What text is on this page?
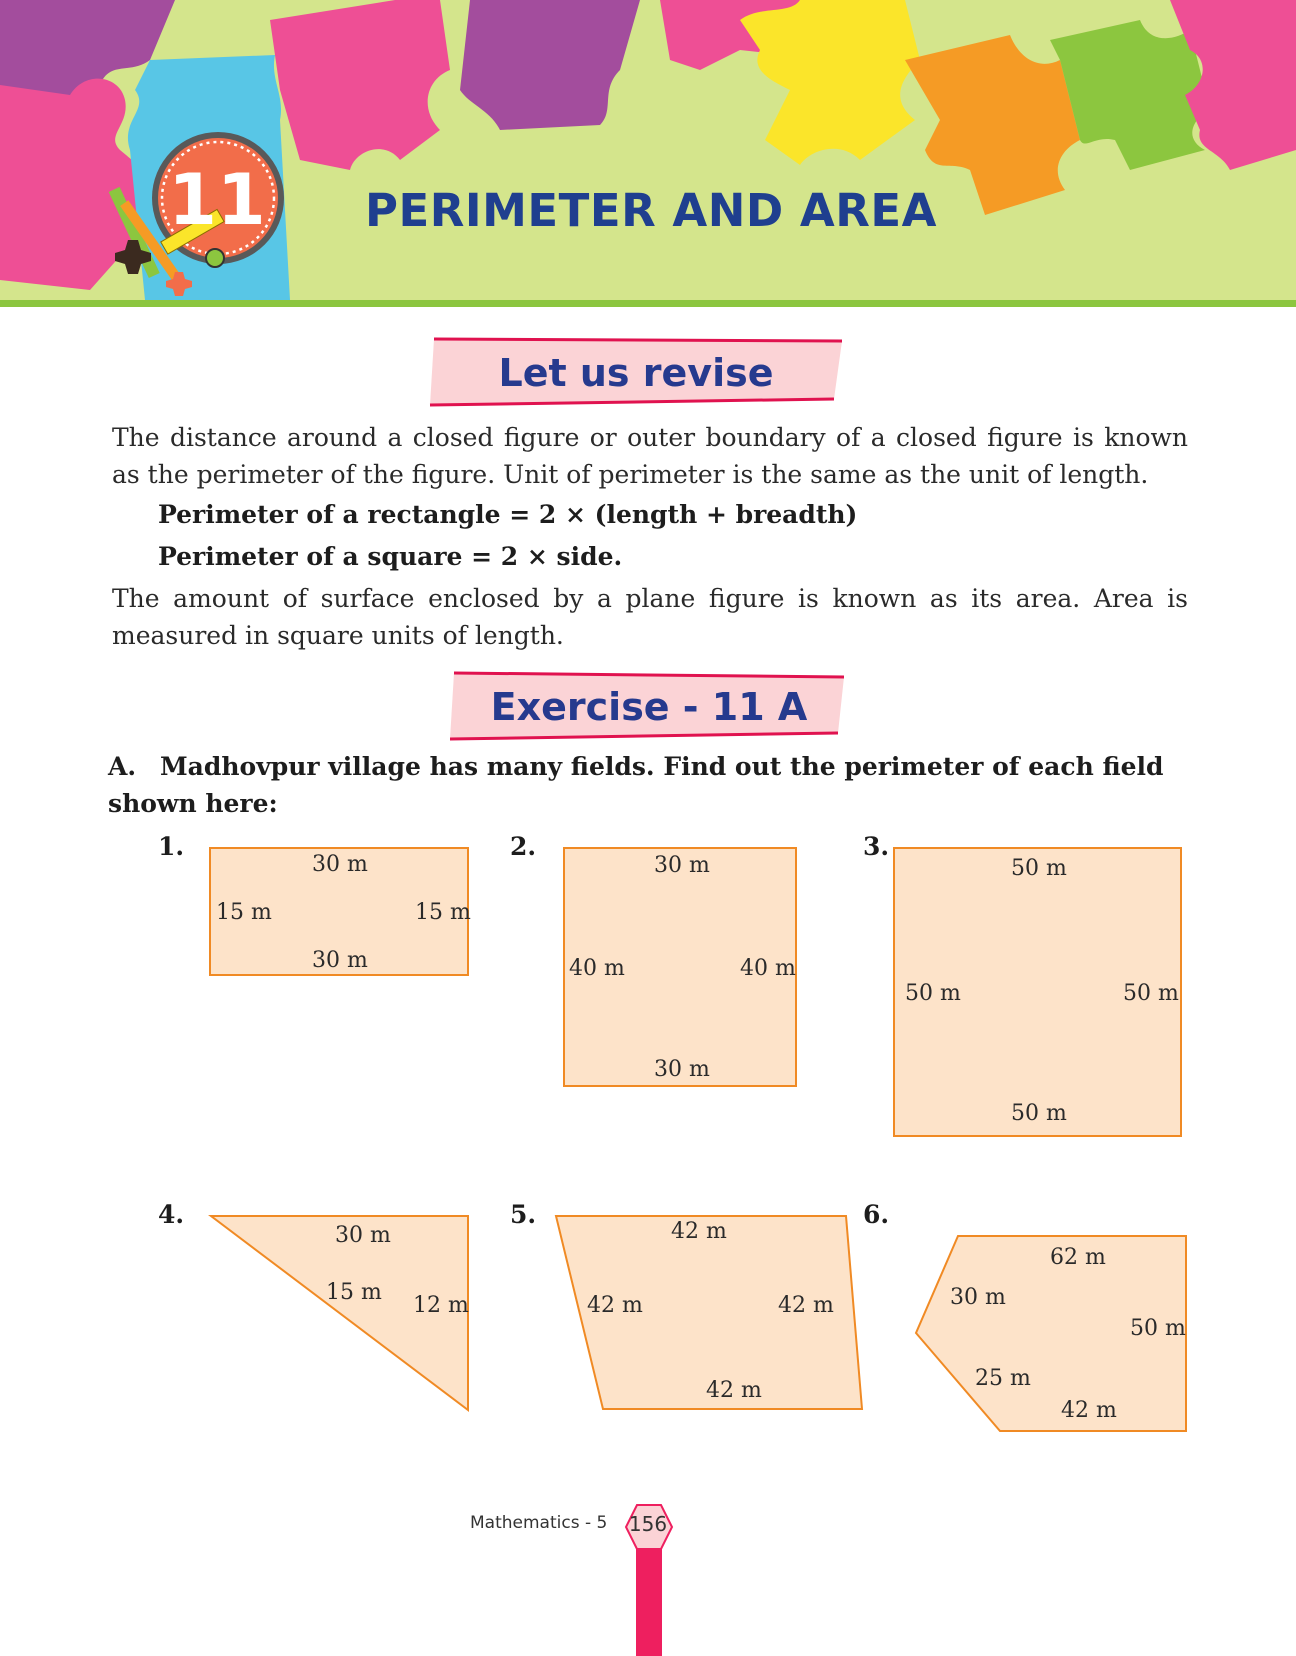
11	PERIMETER AND AREA
Let us revise
The distance around a closed figure or outer boundary of a closed figure is known as the perimeter of the figure. Unit of perimeter is the same as the unit of length.
Perimeter of a rectangle = 2 × (length + breadth)
Perimeter of a square = 2 × side.
The amount of surface enclosed by a plane figure is known as its area. Area is measured in square units of length.
Exercise - 11 A
A. Madhovpur village has many fields. Find out the perimeter of each field shown here:
1.	2.	3.
4.	5.	6.
30 m
15 m	15 m
30 m
30 m
40 m	40 m
30 m
50 m
50 m	50 m
50 m
30 m
15 m
12 m
42 m
42 m	42 m
42 m
62 m
30 m
50 m
25 m
42 m
Mathematics - 5 156
